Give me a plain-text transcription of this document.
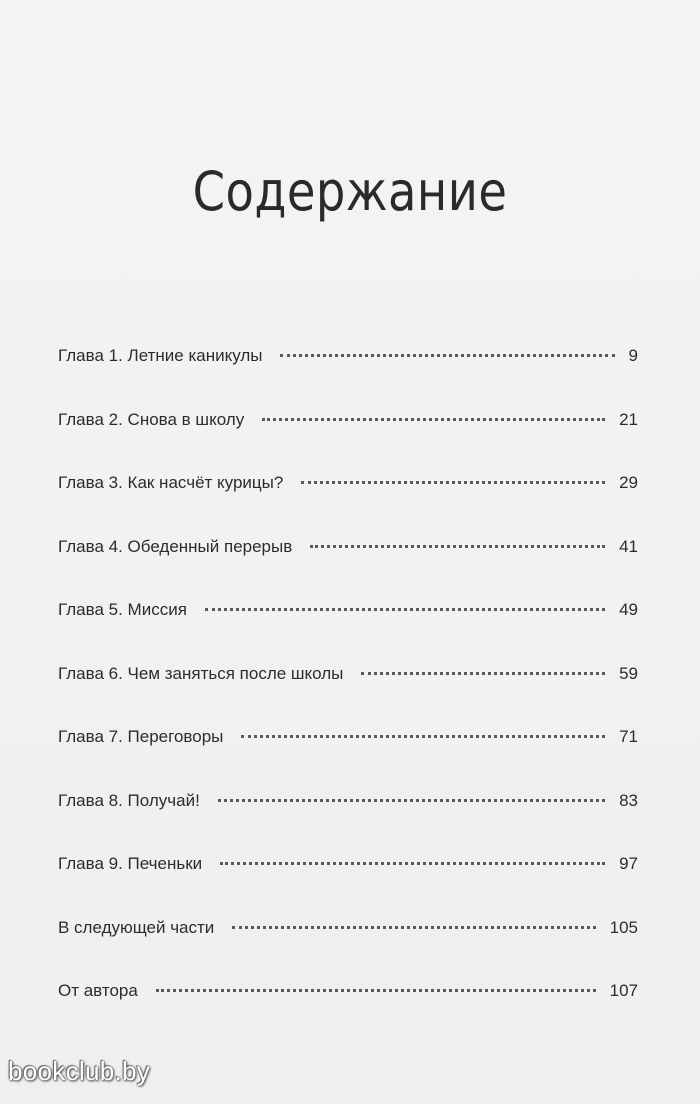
Содержание
Глава 1. Летние каникулы	9
Глава 2. Снова в школу	21
Глава 3. Как насчёт курицы?	29
Глава 4. Обеденный перерыв	41
Глава 5. Миссия	49
Глава 6. Чем заняться после школы	59
Глава 7. Переговоры	71
Глава 8. Получай!	83
Глава 9. Печеньки	97
В следующей части	105
От автора	107
bookclub.by
